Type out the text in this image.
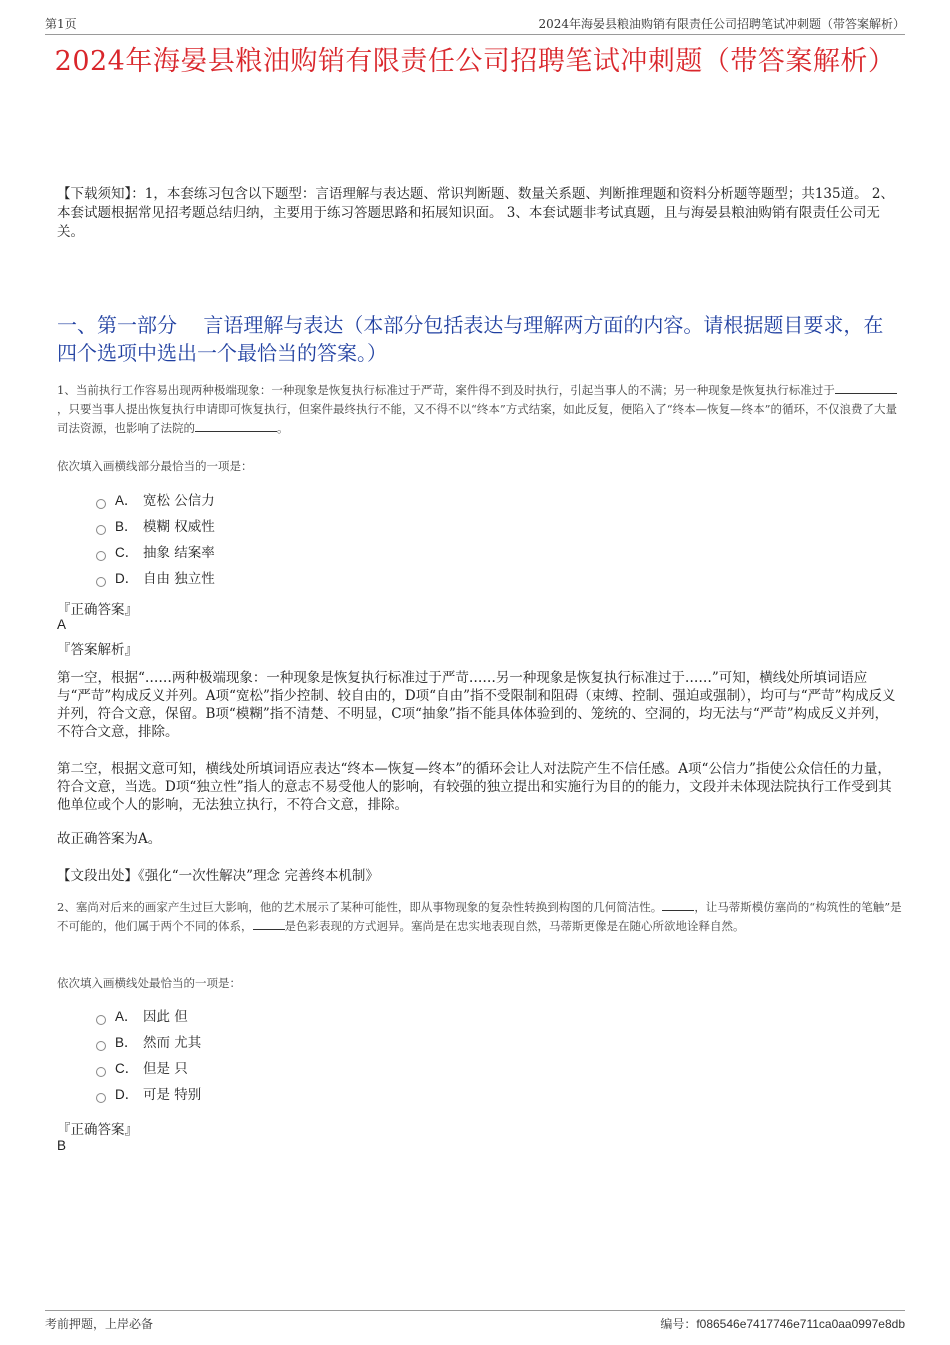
第1页	2024年海晏县粮油购销有限责任公司招聘笔试冲刺题（带答案解析）
2024年海晏县粮油购销有限责任公司招聘笔试冲刺题（带答案解析）
【下载须知】：1，本套练习包含以下题型：言语理解与表达题、常识判断题、数量关系题、判断推理题和资料分析题等题型；共135道。 2、本套试题根据常见招考题总结归纳，主要用于练习答题思路和拓展知识面。 3、本套试题非考试真题，且与海晏县粮油购销有限责任公司无关。
一、第一部分　 言语理解与表达（本部分包括表达与理解两方面的内容。请根据题目要求，在四个选项中选出一个最恰当的答案。）
1、当前执行工作容易出现两种极端现象：一种现象是恢复执行标准过于严苛，案件得不到及时执行，引起当事人的不满；另一种现象是恢复执行标准过于，只要当事人提出恢复执行申请即可恢复执行，但案件最终执行不能，又不得不以“终本”方式结案，如此反复，便陷入了“终本—恢复—终本”的循环，不仅浪费了大量司法资源，也影响了法院的	。
依次填入画横线部分最恰当的一项是：
A． 宽松 公信力
B． 模糊 权威性
C． 抽象 结案率
D． 自由 独立性
『正确答案』
A
『答案解析』
第一空，根据“……两种极端现象：一种现象是恢复执行标准过于严苛……另一种现象是恢复执行标准过于……”可知，横线处所填词语应与“严苛”构成反义并列。A项“宽松”指少控制、较自由的，D项“自由”指不受限制和阻碍（束缚、控制、强迫或强制），均可与“严苛”构成反义并列，符合文意，保留。B项“模糊”指不清楚、不明显，C项“抽象”指不能具体体验到的、笼统的、空洞的，均无法与“严苛”构成反义并列，不符合文意，排除。
第二空，根据文意可知，横线处所填词语应表达“终本—恢复—终本”的循环会让人对法院产生不信任感。A项“公信力”指使公众信任的力量，符合文意，当选。D项“独立性”指人的意志不易受他人的影响，有较强的独立提出和实施行为目的的能力，文段并未体现法院执行工作受到其他单位或个人的影响，无法独立执行，不符合文意，排除。
故正确答案为A。
【文段出处】《强化“一次性解决”理念 完善终本机制》
2、塞尚对后来的画家产生过巨大影响，他的艺术展示了某种可能性，即从事物现象的复杂性转换到构图的几何简洁性。	，让马蒂斯模仿塞尚的“构筑性的笔触”是不可能的，他们属于两个不同的体系，	是色彩表现的方式迥异。塞尚是在忠实地表现自然，马蒂斯更像是在随心所欲地诠释自然。
依次填入画横线处最恰当的一项是：
A． 因此 但
B． 然而 尤其
C． 但是 只
D． 可是 特别
『正确答案』
B
考前押题，上岸必备	编号：f086546e7417746e711ca0aa0997e8db
